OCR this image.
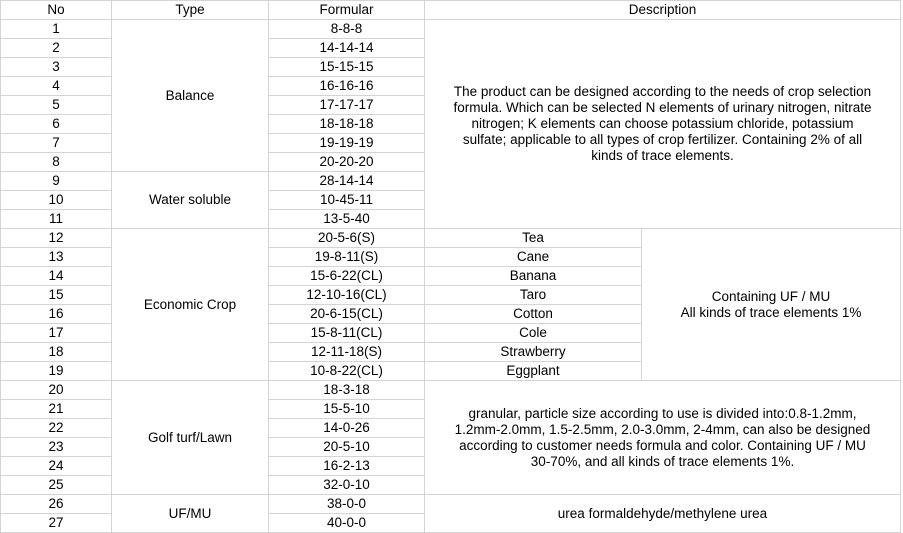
No	Type	Formular	Description	
1	Balance	8-8-8	The product can be designed according to the needs of crop selection

formula. Which can be selected N elements of urinary nitrogen, nitrate

nitrogen; K elements can choose potassium chloride, potassium

sulfate; applicable to all types of crop fertilizer. Containing 2% of all

kinds of trace elements.	

2		14-14-14		
3		15-15-15		
4		16-16-16		
5		17-17-17		
6		18-18-18		
7		19-19-19		
8		20-20-20		
9	Water soluble	28-14-14		
10		10-45-11		
11		13-5-40		
12	Economic Crop	20-5-6(S)	Tea	Containing UF / MU

All kinds of trace elements 1%

13		19-8-11(S)	Cane	
14		15-6-22(CL)	Banana	
15		12-10-16(CL)	Taro	
16		20-6-15(CL)	Cotton	
17		15-8-11(CL)	Cole	
18		12-11-18(S)	Strawberry	
19		10-8-22(CL)	Eggplant	
20	Golf turf/Lawn	18-3-18	granular, particle size according to use is divided into:0.8-1.2mm,

1.2mm-2.0mm, 1.5-2.5mm, 2.0-3.0mm, 2-4mm, can also be designed

according to customer needs formula and color. Containing UF / MU

30-70%, and all kinds of trace elements 1%.	

21		15-5-10		
22		14-0-26		
23		20-5-10		
24		16-2-13		
25		32-0-10		
26	UF/MU	38-0-0	urea formaldehyde/methylene urea	
27		40-0-0		
